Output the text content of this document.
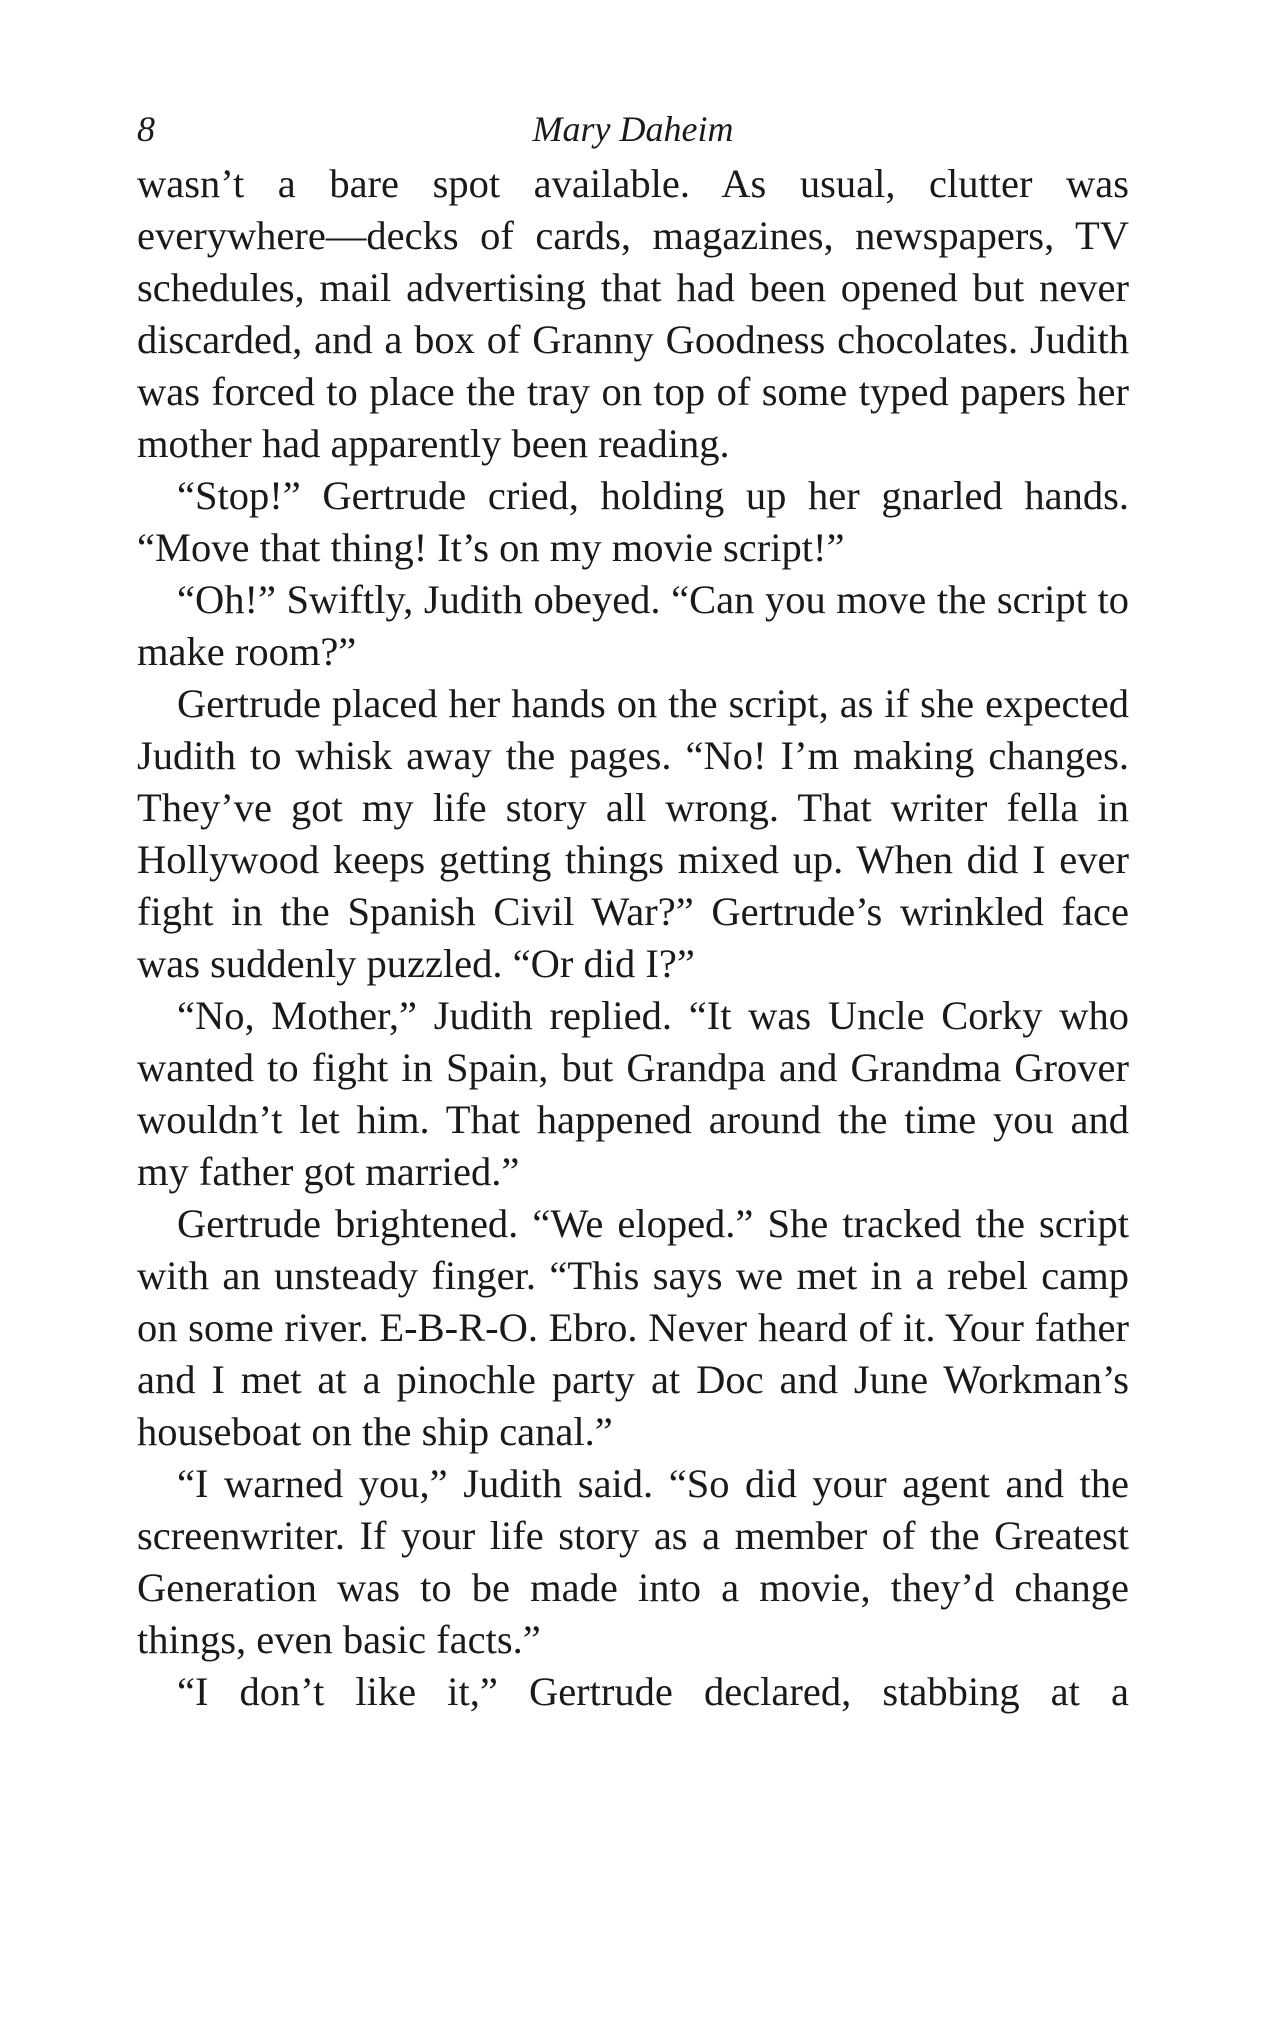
8	Mary Daheim

wasn’t a bare spot available. As usual, clutter was everywhere—decks of cards, magazines, newspapers, TV schedules, mail advertising that had been opened but never discarded, and a box of Granny Goodness chocolates. Judith was forced to place the tray on top of some typed papers her mother had apparently been reading.

“Stop!” Gertrude cried, holding up her gnarled hands. “Move that thing! It’s on my movie script!”

“Oh!” Swiftly, Judith obeyed. “Can you move the script to make room?”

Gertrude placed her hands on the script, as if she expected Judith to whisk away the pages. “No! I’m making changes. They’ve got my life story all wrong. That writer fella in Hollywood keeps getting things mixed up. When did I ever fight in the Spanish Civil War?” Gertrude’s wrinkled face was suddenly puzzled. “Or did I?”

“No, Mother,” Judith replied. “It was Uncle Corky who wanted to fight in Spain, but Grandpa and Grandma Grover wouldn’t let him. That happened around the time you and my father got married.”

Gertrude brightened. “We eloped.” She tracked the script with an unsteady finger. “This says we met in a rebel camp on some river. E-B-R-O. Ebro. Never heard of it. Your father and I met at a pinochle party at Doc and June Workman’s houseboat on the ship canal.”

“I warned you,” Judith said. “So did your agent and the screenwriter. If your life story as a member of the Greatest Generation was to be made into a movie, they’d change things, even basic facts.”

“I don’t like it,” Gertrude declared, stabbing at a
